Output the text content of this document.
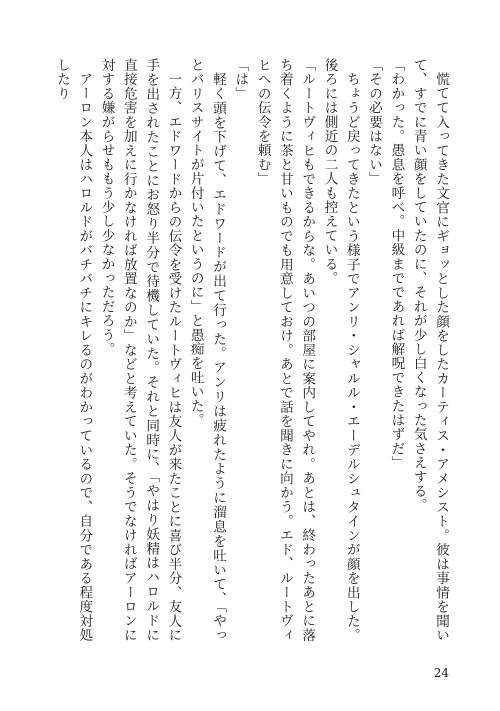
慌てて入ってきた文官にギョッとした顔をしたカーティス・アメシスト。彼は事情を聞いて、すでに青い顔をしていたのに、それが少し白くなった気さえする。

「わかった。愚息を呼べ。中級までであれば解呪できたはずだ」

「その必要はない」

ちょうど戻ってきたという様子でアンリ・シャルル・エーデルシュタインが顔を出した。後ろには側近の二人も控えている。

「ルートヴィヒもできるからな。あいつの部屋に案内してやれ。あとは、終わったあとに落ち着くように茶と甘いものでも用意しておけ。あとで話を聞きに向かう。エド、ルートヴィヒへの伝令を頼む」

「は」

軽く頭を下げて、エドワードが出て行った。アンリは疲れたように溜息を吐いて、「やっとバリスサイトが片付いたというのに」と愚痴を吐いた。

一方、エドワードからの伝令を受けたルートヴィヒは友人が来たことに喜び半分、友人に手を出されたことにお怒り半分で待機していた。それと同時に、「やはり妖精はハロルドに直接危害を加えに行かなければ放置なのか」などと考えていた。そうでなければアーロンに対する嫌がらせももう少し少なかっただろう。

アーロン本人はハロルドがバチバチにキレるのがわかっているので、自分である程度対処したり

24
